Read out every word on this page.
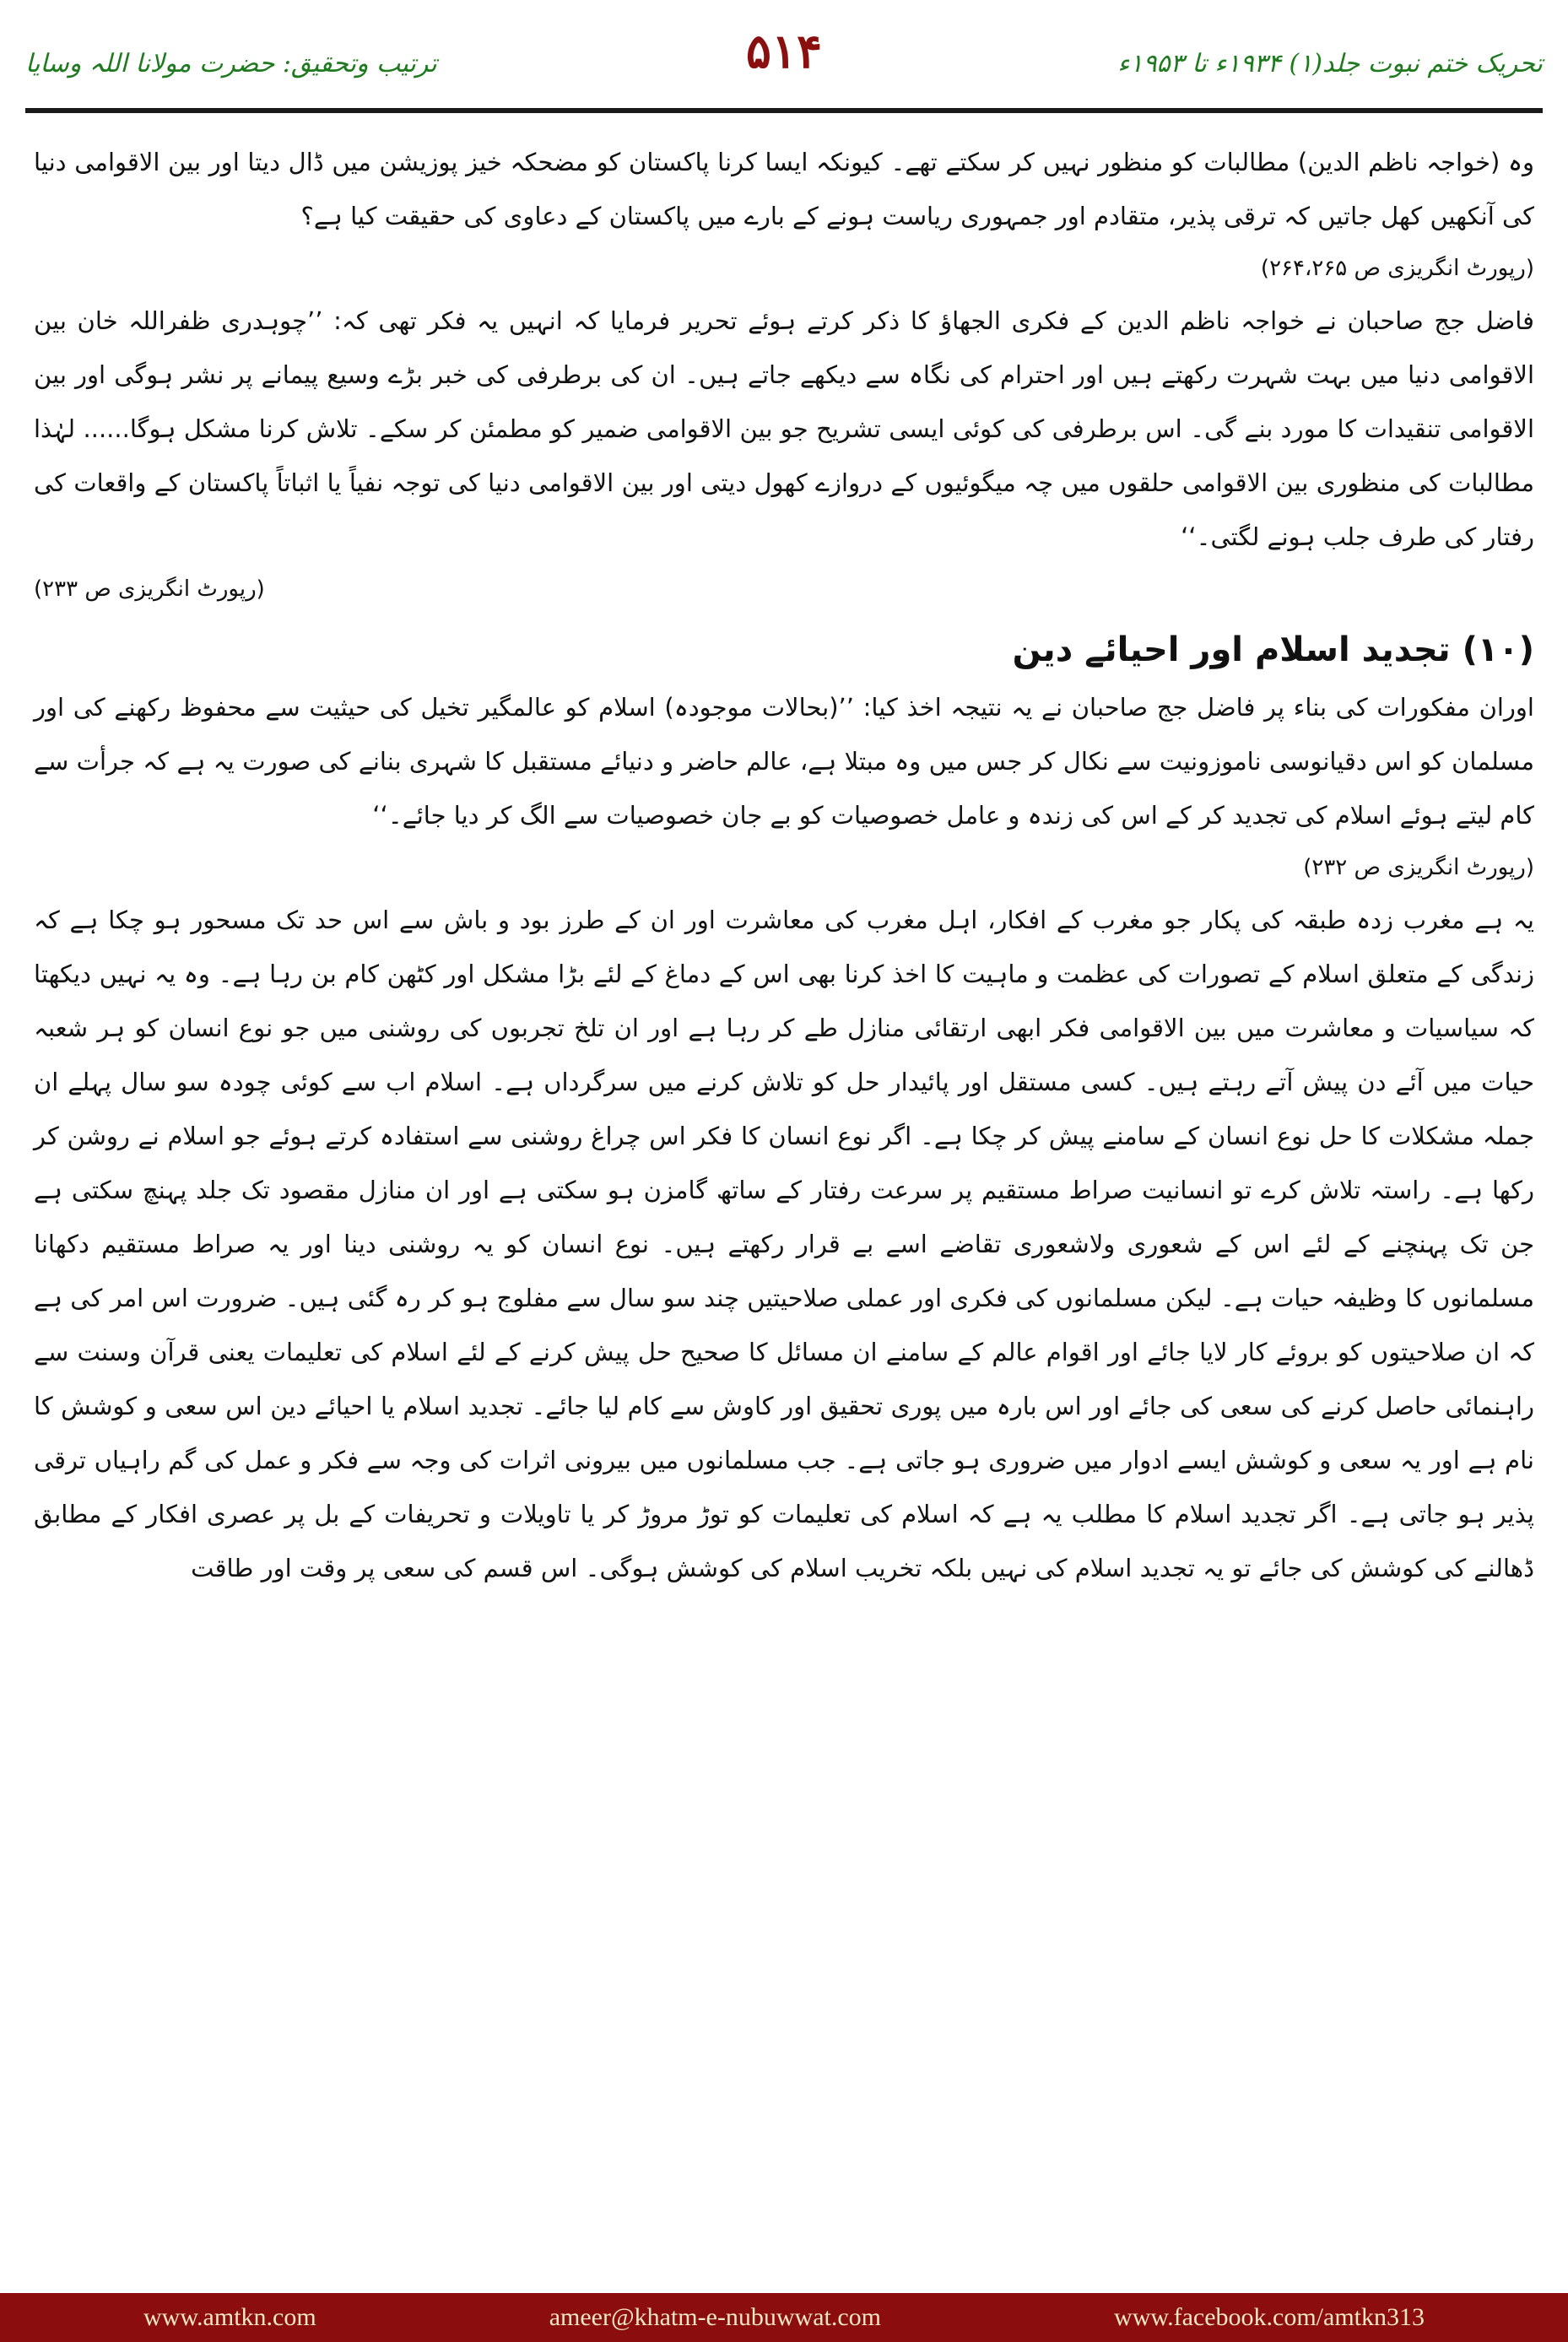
تحریک ختم نبوت جلد(۱) ۱۹۳۴ء تا ۱۹۵۳ء
ترتیب وتحقیق: حضرت مولانا اللہ وسایا	۵۱۴

وہ (خواجہ ناظم الدین) مطالبات کو منظور نہیں کر سکتے تھے۔ کیونکہ ایسا کرنا پاکستان کو مضحکہ خیز پوزیشن میں ڈال دیتا اور بین الاقوامی دنیا کی آنکھیں کھل جاتیں کہ ترقی پذیر، متقادم اور جمہوری ریاست ہونے کے بارے میں پاکستان کے دعاوی کی حقیقت کیا ہے؟

(رپورٹ انگریزی ص ۲۶۴،۲۶۵)

فاضل جج صاحبان نے خواجہ ناظم الدین کے فکری الجھاؤ کا ذکر کرتے ہوئے تحریر فرمایا کہ انہیں یہ فکر تھی کہ: ’’چوہدری ظفراللہ خان بین الاقوامی دنیا میں بہت شہرت رکھتے ہیں اور احترام کی نگاہ سے دیکھے جاتے ہیں۔ ان کی برطرفی کی خبر بڑے وسیع پیمانے پر نشر ہوگی اور بین الاقوامی تنقیدات کا مورد بنے گی۔ اس برطرفی کی کوئی ایسی تشریح جو بین الاقوامی ضمیر کو مطمئن کر سکے۔ تلاش کرنا مشکل ہوگا...... لہٰذا مطالبات کی منظوری بین الاقوامی حلقوں میں چہ میگوئیوں کے دروازے کھول دیتی اور بین الاقوامی دنیا کی توجہ نفیاً یا اثباتاً پاکستان کے واقعات کی رفتار کی طرف جلب ہونے لگتی۔‘‘

(رپورٹ انگریزی ص ۲۳۳)

(۱۰) تجدید اسلام اور احیائے دین

اوران مفکورات کی بناء پر فاضل جج صاحبان نے یہ نتیجہ اخذ کیا: ’’(بحالات موجودہ) اسلام کو عالمگیر تخیل کی حیثیت سے محفوظ رکھنے کی اور مسلمان کو اس دقیانوسی ناموزونیت سے نکال کر جس میں وہ مبتلا ہے، عالم حاضر و دنیائے مستقبل کا شہری بنانے کی صورت یہ ہے کہ جرأت سے کام لیتے ہوئے اسلام کی تجدید کر کے اس کی زندہ و عامل خصوصیات کو بے جان خصوصیات سے الگ کر دیا جائے۔‘‘

(رپورٹ انگریزی ص ۲۳۲)

یہ ہے مغرب زدہ طبقہ کی پکار جو مغرب کے افکار، اہل مغرب کی معاشرت اور ان کے طرز بود و باش سے اس حد تک مسحور ہو چکا ہے کہ زندگی کے متعلق اسلام کے تصورات کی عظمت و ماہیت کا اخذ کرنا بھی اس کے دماغ کے لئے بڑا مشکل اور کٹھن کام بن رہا ہے۔ وہ یہ نہیں دیکھتا کہ سیاسیات و معاشرت میں بین الاقوامی فکر ابھی ارتقائی منازل طے کر رہا ہے اور ان تلخ تجربوں کی روشنی میں جو نوع انسان کو ہر شعبہ حیات میں آئے دن پیش آتے رہتے ہیں۔ کسی مستقل اور پائیدار حل کو تلاش کرنے میں سرگرداں ہے۔ اسلام اب سے کوئی چودہ سو سال پہلے ان جملہ مشکلات کا حل نوع انسان کے سامنے پیش کر چکا ہے۔ اگر نوع انسان کا فکر اس چراغ روشنی سے استفادہ کرتے ہوئے جو اسلام نے روشن کر رکھا ہے۔ راستہ تلاش کرے تو انسانیت صراط مستقیم پر سرعت رفتار کے ساتھ گامزن ہو سکتی ہے اور ان منازل مقصود تک جلد پہنچ سکتی ہے جن تک پہنچنے کے لئے اس کے شعوری ولاشعوری تقاضے اسے بے قرار رکھتے ہیں۔ نوع انسان کو یہ روشنی دینا اور یہ صراط مستقیم دکھانا مسلمانوں کا وظیفہ حیات ہے۔ لیکن مسلمانوں کی فکری اور عملی صلاحیتیں چند سو سال سے مفلوج ہو کر رہ گئی ہیں۔ ضرورت اس امر کی ہے کہ ان صلاحیتوں کو بروئے کار لایا جائے اور اقوام عالم کے سامنے ان مسائل کا صحیح حل پیش کرنے کے لئے اسلام کی تعلیمات یعنی قرآن وسنت سے راہنمائی حاصل کرنے کی سعی کی جائے اور اس بارہ میں پوری تحقیق اور کاوش سے کام لیا جائے۔ تجدید اسلام یا احیائے دین اس سعی و کوشش کا نام ہے اور یہ سعی و کوشش ایسے ادوار میں ضروری ہو جاتی ہے۔ جب مسلمانوں میں بیرونی اثرات کی وجہ سے فکر و عمل کی گم راہیاں ترقی پذیر ہو جاتی ہے۔ اگر تجدید اسلام کا مطلب یہ ہے کہ اسلام کی تعلیمات کو توڑ مروڑ کر یا تاویلات و تحریفات کے بل پر عصری افکار کے مطابق ڈھالنے کی کوشش کی جائے تو یہ تجدید اسلام کی نہیں بلکہ تخریب اسلام کی کوشش ہوگی۔ اس قسم کی سعی پر وقت اور طاقت

www.amtkn.com	ameer@khatm-e-nubuwwat.com	www.facebook.com/amtkn313
